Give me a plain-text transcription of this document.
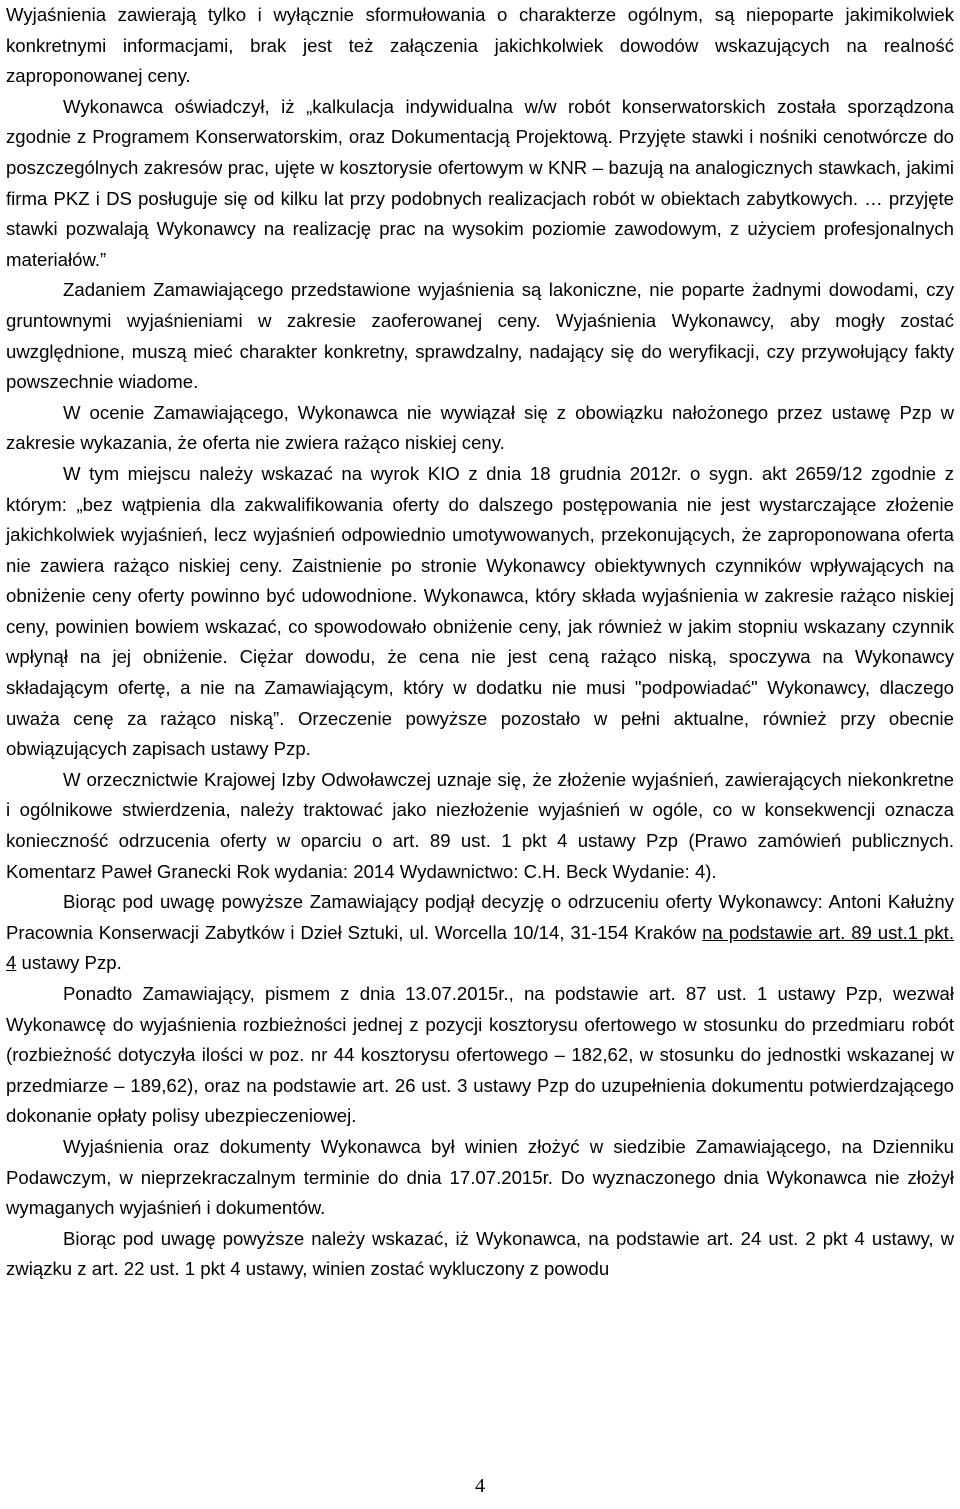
Wyjaśnienia zawierają tylko i wyłącznie sformułowania o charakterze ogólnym, są niepoparte jakimikolwiek konkretnymi informacjami, brak jest też załączenia jakichkolwiek dowodów wskazujących na realność zaproponowanej ceny.

Wykonawca oświadczył, iż „kalkulacja indywidualna w/w robót konserwatorskich została sporządzona zgodnie z Programem Konserwatorskim, oraz Dokumentacją Projektową. Przyjęte stawki i nośniki cenotwórcze do poszczególnych zakresów prac, ujęte w kosztorysie ofertowym w KNR – bazują na analogicznych stawkach, jakimi firma PKZ i DS posługuje się od kilku lat przy podobnych realizacjach robót w obiektach zabytkowych. … przyjęte stawki pozwalają Wykonawcy na realizację prac na wysokim poziomie zawodowym, z użyciem profesjonalnych materiałów.”

Zadaniem Zamawiającego przedstawione wyjaśnienia są lakoniczne, nie poparte żadnymi dowodami, czy gruntownymi wyjaśnieniami w zakresie zaoferowanej ceny. Wyjaśnienia Wykonawcy, aby mogły zostać uwzględnione, muszą mieć charakter konkretny, sprawdzalny, nadający się do weryfikacji, czy przywołujący fakty powszechnie wiadome.

W ocenie Zamawiającego, Wykonawca nie wywiązał się z obowiązku nałożonego przez ustawę Pzp w zakresie wykazania, że oferta nie zwiera rażąco niskiej ceny.

W tym miejscu należy wskazać na wyrok KIO z dnia 18 grudnia 2012r. o sygn. akt 2659/12 zgodnie z którym: „bez wątpienia dla zakwalifikowania oferty do dalszego postępowania nie jest wystarczające złożenie jakichkolwiek wyjaśnień, lecz wyjaśnień odpowiednio umotywowanych, przekonujących, że zaproponowana oferta nie zawiera rażąco niskiej ceny. Zaistnienie po stronie Wykonawcy obiektywnych czynników wpływających na obniżenie ceny oferty powinno być udowodnione. Wykonawca, który składa wyjaśnienia w zakresie rażąco niskiej ceny, powinien bowiem wskazać, co spowodowało obniżenie ceny, jak również w jakim stopniu wskazany czynnik wpłynął na jej obniżenie. Ciężar dowodu, że cena nie jest ceną rażąco niską, spoczywa na Wykonawcy składającym ofertę, a nie na Zamawiającym, który w dodatku nie musi "podpowiadać" Wykonawcy, dlaczego uważa cenę za rażąco niską”. Orzeczenie powyższe pozostało w pełni aktualne, również przy obecnie obwiązujących zapisach ustawy Pzp.

W orzecznictwie Krajowej Izby Odwoławczej uznaje się, że złożenie wyjaśnień, zawierających niekonkretne i ogólnikowe stwierdzenia, należy traktować jako niezłożenie wyjaśnień w ogóle, co w konsekwencji oznacza konieczność odrzucenia oferty w oparciu o art. 89 ust. 1 pkt 4 ustawy Pzp (Prawo zamówień publicznych. Komentarz Paweł Granecki Rok wydania: 2014 Wydawnictwo: C.H. Beck Wydanie: 4).

Biorąc pod uwagę powyższe Zamawiający podjął decyzję o odrzuceniu oferty Wykonawcy: Antoni Kałużny Pracownia Konserwacji Zabytków i Dzieł Sztuki, ul. Worcella 10/14, 31-154 Kraków na podstawie art. 89 ust.1 pkt. 4 ustawy Pzp.

Ponadto Zamawiający, pismem z dnia 13.07.2015r., na podstawie art. 87 ust. 1 ustawy Pzp, wezwał Wykonawcę do wyjaśnienia rozbieżności jednej z pozycji kosztorysu ofertowego w stosunku do przedmiaru robót (rozbieżność dotyczyła ilości w poz. nr 44 kosztorysu ofertowego – 182,62, w stosunku do jednostki wskazanej w przedmiarze – 189,62), oraz na podstawie art. 26 ust. 3 ustawy Pzp do uzupełnienia dokumentu potwierdzającego dokonanie opłaty polisy ubezpieczeniowej.

Wyjaśnienia oraz dokumenty Wykonawca był winien złożyć w siedzibie Zamawiającego, na Dzienniku Podawczym, w nieprzekraczalnym terminie do dnia 17.07.2015r. Do wyznaczonego dnia Wykonawca nie złożył wymaganych wyjaśnień i dokumentów.

Biorąc pod uwagę powyższe należy wskazać, iż Wykonawca, na podstawie art. 24 ust. 2 pkt 4 ustawy, w związku z art. 22 ust. 1 pkt 4 ustawy, winien zostać wykluczony z powodu

4
